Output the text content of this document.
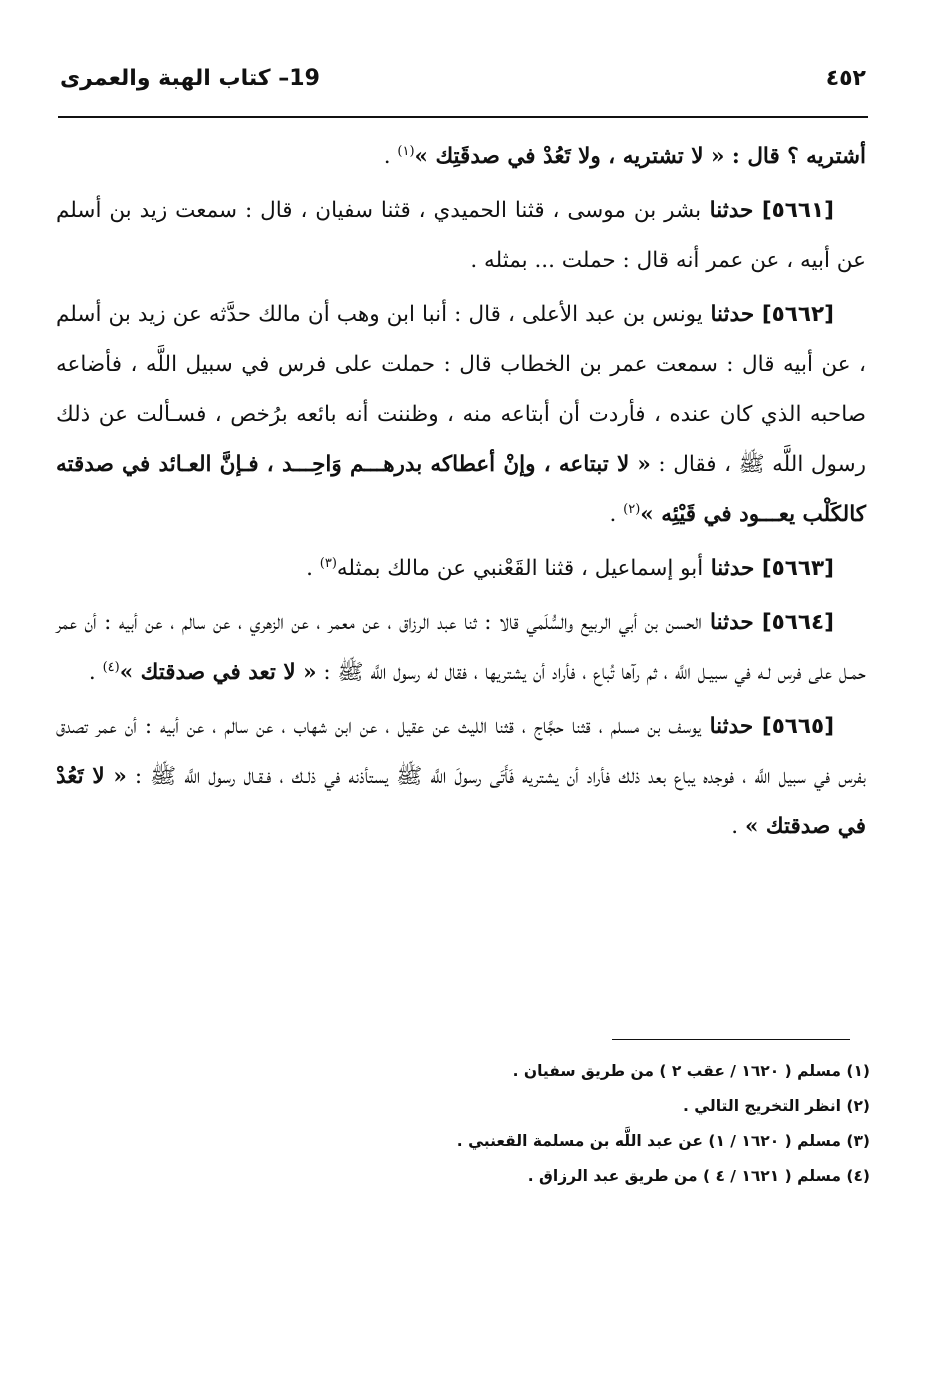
٤٥٢
19– كتاب الهبة والعمرى

أشتريه ؟ قال : « لا تشتريه ، ولا تَعُدْ في صدقَتِك »$^{(١)}$ .

[٥٦٦١] حدثنا بشر بن موسى ، قثنا الحميدي ، قثنا سفيان ، قال : سمعت زيد بن أسلم عن أبيه ، عن عمر أنه قال : حملت ... بمثله .

[٥٦٦٢] حدثنا يونس بن عبد الأعلى ، قال : أنبا ابن وهب أن مالك حدَّثه عن زيد بن أسلم ، عن أبيه قال : سمعت عمر بن الخطاب قال : حملت على فرس في سبيل اللَّه ، فأضاعه صاحبه الذي كان عنده ، فأردت أن أبتاعه منه ، وظننت أنه بائعه برُخص ، فسـألت عن ذلك رسول اللَّه ﷺ ، فقال : « لا تبتاعه ، وإنْ أعطاكه بدرهـــم وَاحِـــد ، فـإنَّ العـائد في صدقته كالكَلْب يعـــود في قَيْئِه »$^{(٢)}$ .

[٥٦٦٣] حدثنا أبو إسماعيل ، قثنا القَعْنبي عن مالك بمثله$^{(٣)}$ .

[٥٦٦٤] حدثنا الحسن بن أبي الربيع والسُّلَمي قالا : ثنا عبد الرزاق ، عن معمر ، عن الزهري ، عن سالم ، عن أبيه : أن عمر حمـل على فرس لـه في سبيـل اللَّه ، ثم رآها تُباع ، فأراد أن يشتريها ، فقال له رسول اللَّه ﷺ : « لا تعد في صدقتك »$^{(٤)}$ .

[٥٦٦٥] حدثنا يوسف بن مسلم ، قثنا حجَّاج ، قثنا الليث عن عقيل ، عن ابن شهاب ، عن سالم ، عن أبيه : أن عمر تصدق بفرس في سبيل اللَّه ، فوجده يباع بعد ذلك فأراد أن يشتريه فَأَتَى رسولَ اللَّه ﷺ يستأذنه في ذلـك ، فـقـال رسول اللَّه ﷺ : « لا تَعُدْ في صدقتك » .

(١) مسلم ( ١٦٢٠ / عقب ٢ ) من طريق سفيان .
(٢) انظر التخريج التالي .
(٣) مسلم ( ١٦٢٠ / ١) عن عبد اللَّه بن مسلمة القعنبي .
(٤) مسلم ( ١٦٢١ / ٤ ) من طريق عبد الرزاق .
